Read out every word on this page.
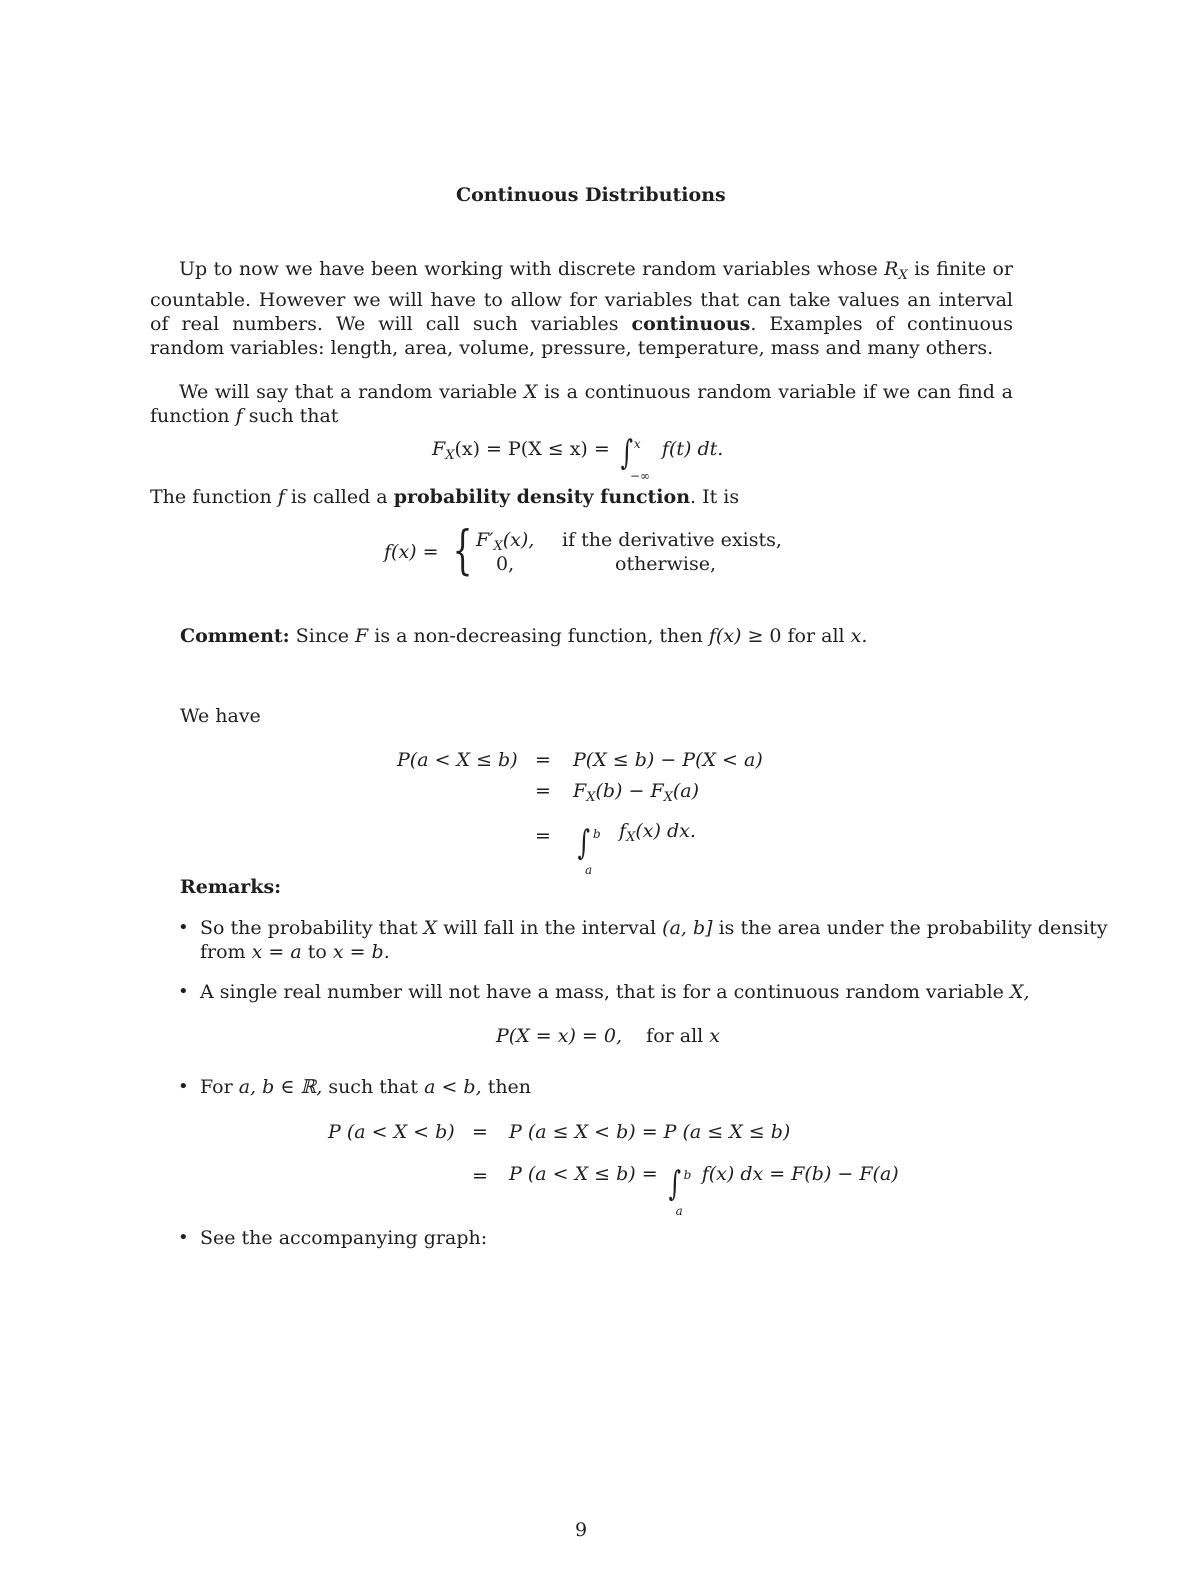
Continuous Distributions
Up to now we have been working with discrete random variables whose $R_X$ is finite or countable. However we will have to allow for variables that can take values an interval of real numbers. We will call such variables continuous. Examples of continuous random variables: length, area, volume, pressure, temperature, mass and many others.
We will say that a random variable X is a continuous random variable if we can find a function f such that
$F_X(x) = P(X \le x)$ = ∫ x
−∞
f(t) dt.
The function f is called a probability density function. It is
f(x) = { $F'_X(x)$, if the derivative exists,
0,	otherwise,
Comment: Since F is a non-decreasing function, then f(x) ≥ 0 for all x.
We have
P(a < X ≤ b) = P(X ≤ b) − P(X < a)
= $F_X(b) - F_X(a)$
= ∫ b
a
$f_X(x)$ dx.
Remarks:
• So the probability that X will fall in the interval (a, b] is the area under the probability density
from x = a to x = b.
• A single real number will not have a mass, that is for a continuous random variable X,
P(X = x) = 0, for all x
• For a, b ∈ ℝ, such that a < b, then
P (a < X < b) = P (a ≤ X < b) = P (a ≤ X ≤ b)
= P (a < X ≤ b) = ∫ b
a
f(x) dx = F(b) − F(a)
• See the accompanying graph:
9
